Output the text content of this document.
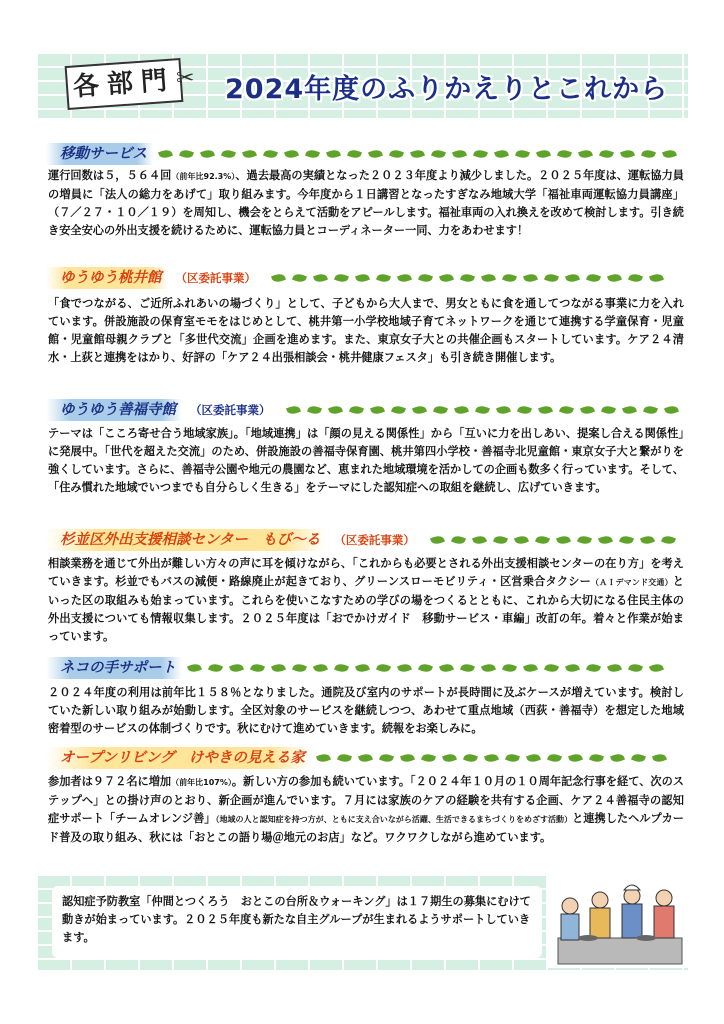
各部門 ✂ 2024年度のふりかえりとこれから
移動サービス

運行回数は５，５６４回（前年比92.3%）、過去最高の実績となった２０２３年度より減少しました。２０２５年度は、運転協力員の増員に「法人の総力をあげて」取り組みます。今年度から１日講習となったすぎなみ地域大学「福祉車両運転協力員講座」（７／２７・１０／１９）を周知し、機会をとらえて活動をアピールします。福祉車両の入れ換えを改めて検討します。引き続き安全安心の外出支援を続けるために、運転協力員とコーディネーター一同、力をあわせます！

ゆうゆう桃井館	（区委託事業）

「食でつながる、ご近所ふれあいの場づくり」として、子どもから大人まで、男女ともに食を通してつながる事業に力を入れています。併設施設の保育室モモをはじめとして、桃井第一小学校地域子育てネットワークを通じて連携する学童保育・児童館・児童館母親クラブと「多世代交流」企画を進めます。また、東京女子大との共催企画もスタートしています。ケア２４清水・上荻と連携をはかり、好評の「ケア２４出張相談会・桃井健康フェスタ」も引き続き開催します。

ゆうゆう善福寺館	（区委託事業）

テーマは「こころ寄せ合う地域家族」。「地域連携」は「顔の見える関係性」から「互いに力を出しあい、提案し合える関係性」に発展中。「世代を超えた交流」のため、併設施設の善福寺保育園、桃井第四小学校・善福寺北児童館・東京女子大と繋がりを強くしています。さらに、善福寺公園や地元の農園など、恵まれた地域環境を活かしての企画も数多く行っています。そして、「住み慣れた地域でいつまでも自分らしく生きる」をテーマにした認知症への取組を継続し、広げていきます。

杉並区外出支援相談センター　もび～る	（区委託事業）

相談業務を通じて外出が難しい方々の声に耳を傾けながら、「これからも必要とされる外出支援相談センターの在り方」を考えていきます。杉並でもバスの減便・路線廃止が起きており、グリーンスローモビリティ・区営乗合タクシー（ＡＩデマンド交通）といった区の取組みも始まっています。これらを使いこなすための学びの場をつくるとともに、これから大切になる住民主体の外出支援についても情報収集します。２０２５年度は「おでかけガイド　移動サービス・車編」改訂の年。着々と作業が始まっています。

ネコの手サポート

２０２４年度の利用は前年比１５８％となりました。通院及び室内のサポートが長時間に及ぶケースが増えています。検討していた新しい取り組みが始動します。全区対象のサービスを継続しつつ、あわせて重点地域（西荻・善福寺）を想定した地域密着型のサービスの体制づくりです。秋にむけて進めていきます。続報をお楽しみに。

オープンリビング　けやきの見える家

参加者は９７２名に増加（前年比107%）。新しい方の参加も続いています。「２０２４年１０月の１０周年記念行事を経て、次のステップへ」との掛け声のとおり、新企画が進んでいます。７月には家族のケアの経験を共有する企画、ケア２４善福寺の認知症サポート「チームオレンジ善」（地域の人と認知症を持つ方が、ともに支え合いながら活躍、生活できるまちづくりをめざす活動）と連携したヘルプカード普及の取り組み、秋には「おとこの語り場＠地元のお店」など。ワクワクしながら進めています。

認知症予防教室「仲間とつくろう　おとこの台所＆ウォーキング」は１７期生の募集にむけて動きが始まっています。２０２５年度も新たな自主グループが生まれるようサポートしていきます。
